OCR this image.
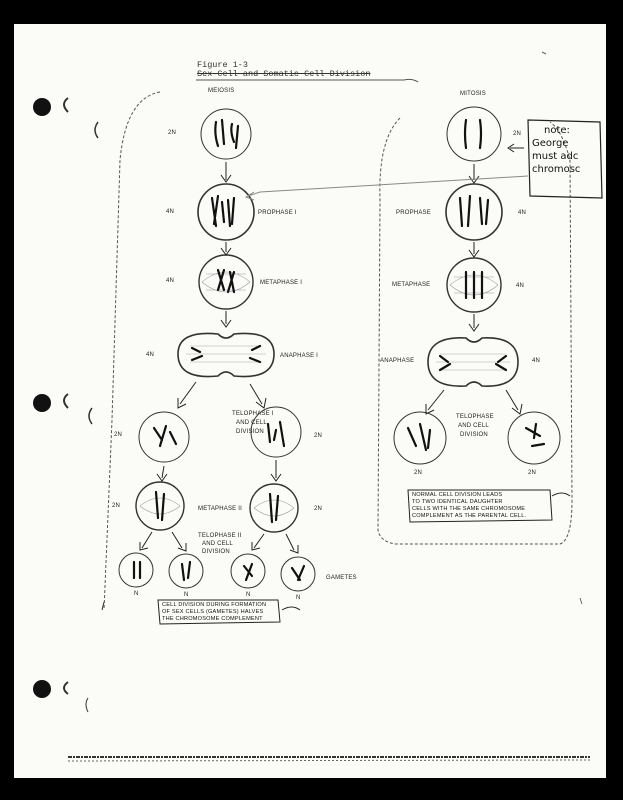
Figure 1-3
Sex-Cell and Somatic Cell Division
MEIOSIS
2N
4N	PROPHASE I
4N	METAPHASE I
4N	ANAPHASE I
TELOPHASE I
AND CELL
DIVISION
2N	2N
2N	METAPHASE II	2N
TELOPHASE II
AND CELL
DIVISION
GAMETES
N	N	N	N
CELL DIVISION DURING FORMATION
OF SEX CELLS (GAMETES) HALVES
THE CHROMOSOME COMPLEMENT
MITOSIS
2N
PROPHASE	4N
METAPHASE	4N
ANAPHASE	4N
TELOPHASE
AND CELL
DIVISION
2N	2N
NORMAL CELL DIVISION LEADS
TO TWO IDENTICAL DAUGHTER
CELLS WITH THE SAME CHROMOSOME
COMPLEMENT AS THE PARENTAL CELL.
note:
George
must adc
chromosc
